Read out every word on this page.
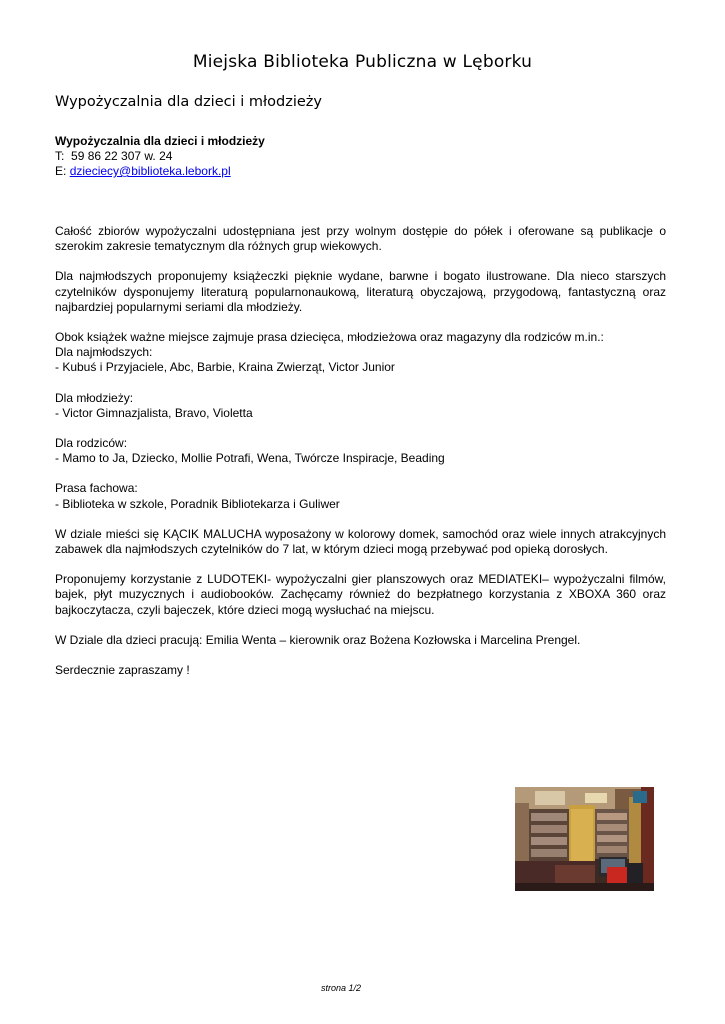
Miejska Biblioteka Publiczna w Lęborku
Wypożyczalnia dla dzieci i młodzieży
Wypożyczalnia dla dzieci i młodzieży
T: 59 86 22 307 w. 24
E: dzieciecy@biblioteka.lebork.pl

Całość zbiorów wypożyczalni udostępniana jest przy wolnym dostępie do półek i oferowane są publikacje o szerokim zakresie tematycznym dla różnych grup wiekowych.

Dla najmłodszych proponujemy książeczki pięknie wydane, barwne i bogato ilustrowane. Dla nieco starszych czytelników dysponujemy literaturą popularnonaukową, literaturą obyczajową, przygodową, fantastyczną oraz najbardziej popularnymi seriami dla młodzieży.

Obok książek ważne miejsce zajmuje prasa dziecięca, młodzieżowa oraz magazyny dla rodziców m.in.:
Dla najmłodszych:
- Kubuś i Przyjaciele, Abc, Barbie, Kraina Zwierząt, Victor Junior

Dla młodzieży:
- Victor Gimnazjalista, Bravo, Violetta

Dla rodziców:
- Mamo to Ja, Dziecko, Mollie Potrafi, Wena, Twórcze Inspiracje, Beading

Prasa fachowa:
- Biblioteka w szkole, Poradnik Bibliotekarza i Guliwer

W dziale mieści się KĄCIK MALUCHA wyposażony w kolorowy domek, samochód oraz wiele innych atrakcyjnych zabawek dla najmłodszych czytelników do 7 lat, w którym dzieci mogą przebywać pod opieką dorosłych.

Proponujemy korzystanie z LUDOTEKI- wypożyczalni gier planszowych oraz MEDIATEKI– wypożyczalni filmów, bajek, płyt muzycznych i audiobooków. Zachęcamy również do bezpłatnego korzystania z XBOXA 360 oraz bajkoczytacza, czyli bajeczek, które dzieci mogą wysłuchać na miejscu.

W Dziale dla dzieci pracują: Emilia Wenta – kierownik oraz Bożena Kozłowska i Marcelina Prengel.

Serdecznie zapraszamy !

strona 1/2
